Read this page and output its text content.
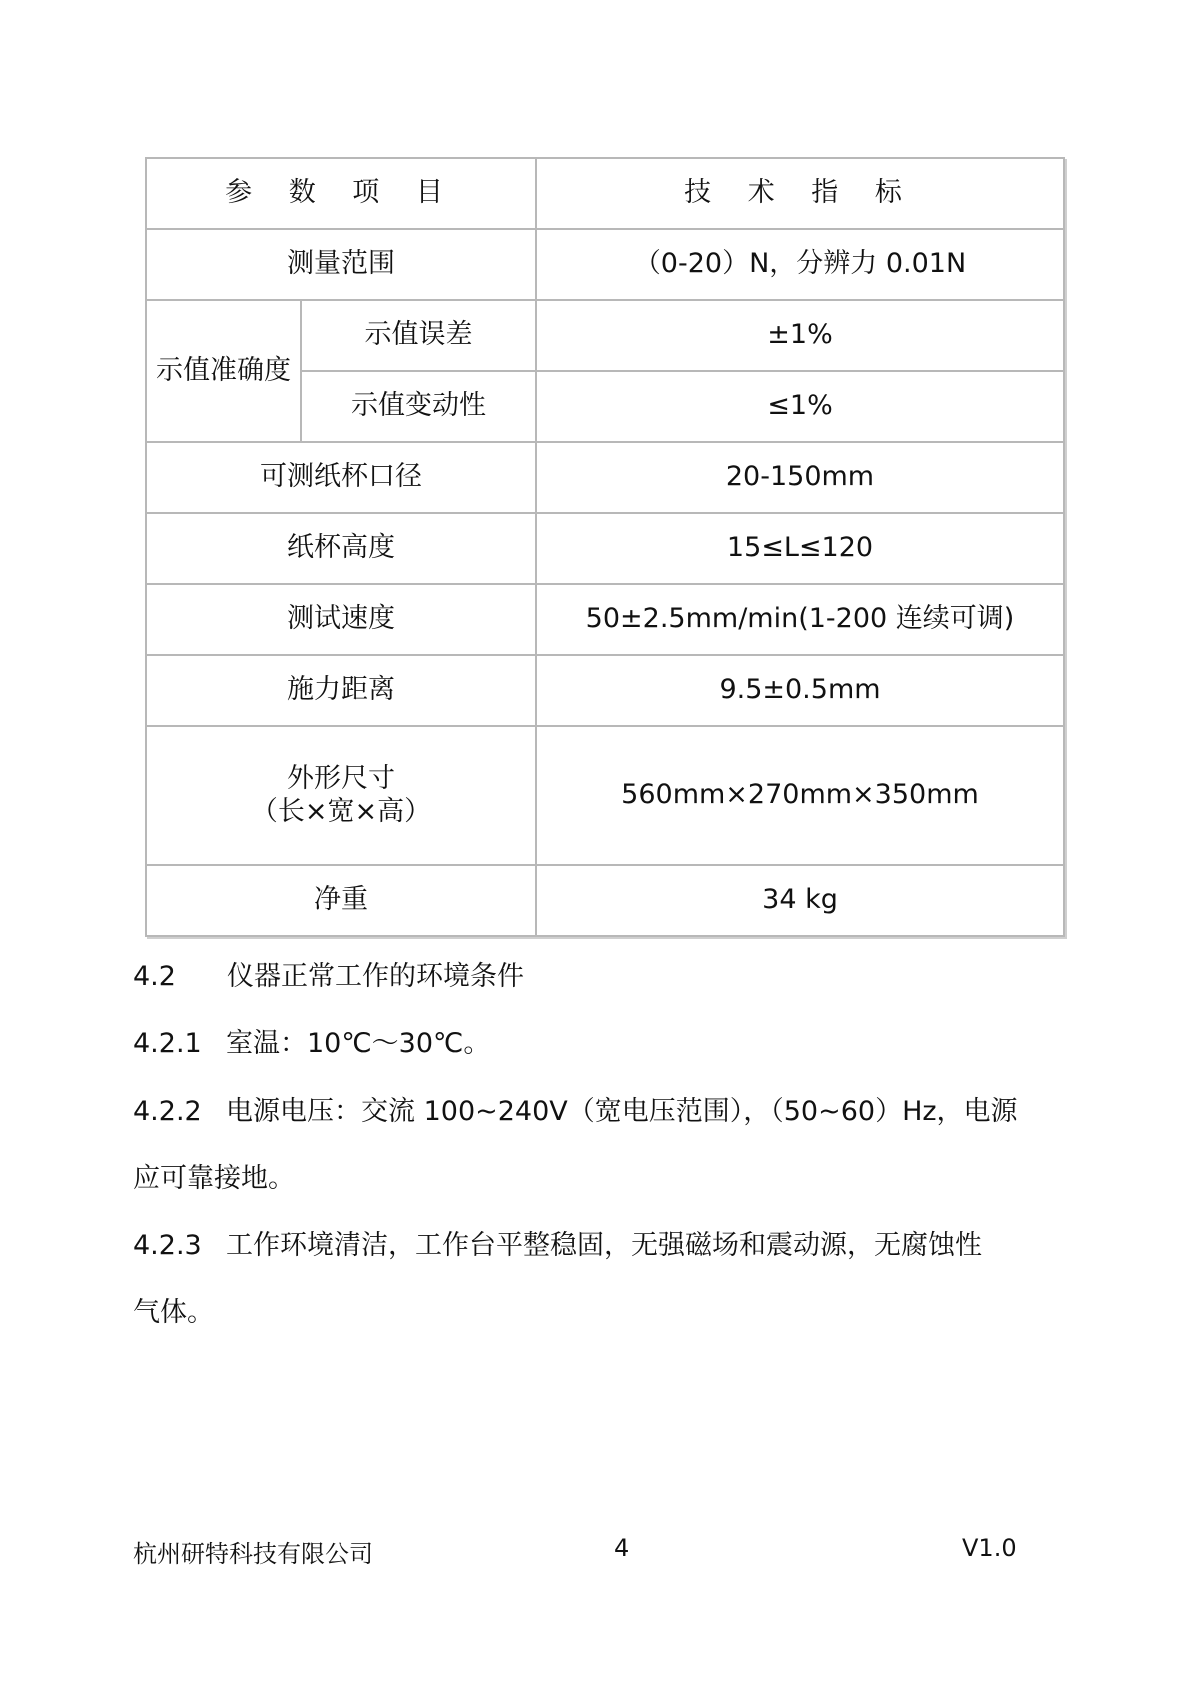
参 数 项 目		技 术 指 标
测量范围		（0-20）N，分辨力 0.01N
示值准确度	示值误差	±1%
	示值变动性	≤1%
可测纸杯口径		20-150mm
纸杯高度		15≤L≤120
测试速度		50±2.5mm/min(1-200 连续可调)
施力距离		9.5±0.5mm

外形尺寸
（长×宽×高）		560mm×270mm×350mm
净重		34 kg
4.2 仪器正常工作的环境条件
4.2.1 室温：10℃～30℃。
4.2.2 电源电压：交流 100~240V（宽电压范围），（50~60）Hz，电源
应可靠接地。
4.2.3 工作环境清洁，工作台平整稳固，无强磁场和震动源，无腐蚀性
气体。
杭州研特科技有限公司	4	V1.0
